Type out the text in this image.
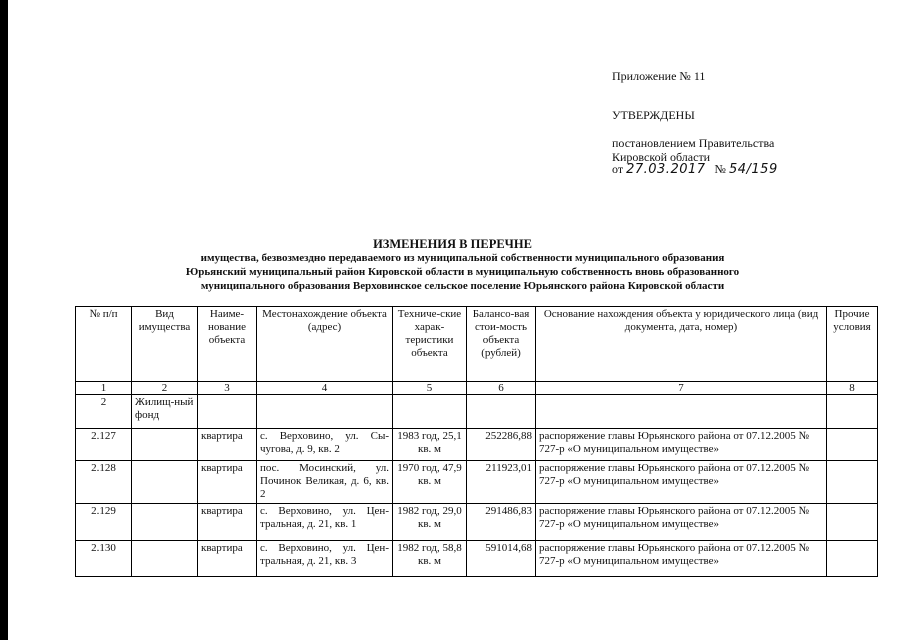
Приложение № 11
УТВЕРЖДЕНЫ
постановлением Правительства
Кировской области
от 27.03.2017 № 54/159
ИЗМЕНЕНИЯ В ПЕРЕЧНЕ
имущества, безвозмездно передаваемого из муниципальной собственности муниципального образования
Юрьянский муниципальный район Кировской области в муниципальную собственность вновь образованного
муниципального образования Верховинское сельское поселение Юрьянского района Кировской области
№ п/п	Вид имущества	Наиме-нование объекта	Местонахождение объекта (адрес)	Техниче-ские харак-теристики объекта	Балансо-вая стои-мость объекта (рублей)	Основание нахождения объекта у юридического лица (вид документа, дата, номер)	Прочие условия
1	2	3	4	5	6	7	8
2	Жилищ-ный фонд						
2.127		квартира	с. Верховино, ул. Сы-чугова, д. 9, кв. 2	1983 год, 25,1 кв. м	252286,88	распоряжение главы Юрьянского района от 07.12.2005 № 727-р «О муниципальном имуществе»	
2.128		квартира	пос. Мосинский, ул. Починок Великая, д. 6, кв. 2	1970 год, 47,9 кв. м	211923,01	распоряжение главы Юрьянского района от 07.12.2005 № 727-р «О муниципальном имуществе»	
2.129		квартира	с. Верховино, ул. Цен-тральная, д. 21, кв. 1	1982 год, 29,0 кв. м	291486,83	распоряжение главы Юрьянского района от 07.12.2005 № 727-р «О муниципальном имуществе»	
2.130		квартира	с. Верховино, ул. Цен-тральная, д. 21, кв. 3	1982 год, 58,8 кв. м	591014,68	распоряжение главы Юрьянского района от 07.12.2005 № 727-р «О муниципальном имуществе»	
